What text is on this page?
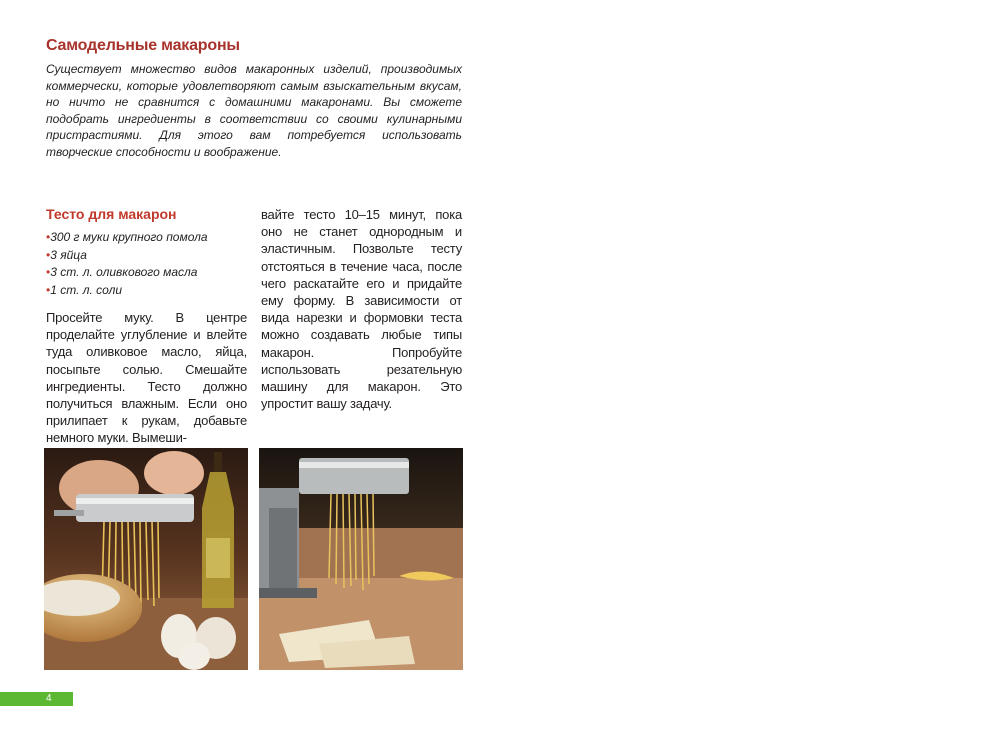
Самодельные макароны

Существует множество видов макаронных изделий, производимых коммерчески, которые удовлетворяют самым взыскательным вкусам, но ничто не сравнится с домашними макаронами. Вы сможете подобрать ингредиенты в соответствии со своими кулинарными пристрастиями. Для этого вам потребуется использовать творческие способности и воображение.

Тесто для макарон
• 300 г муки крупного помола
• 3 яйца
• 3 ст. л. оливкового масла
• 1 ст. л. соли

Просейте муку. В центре проделайте углубление и влейте туда оливковое масло, яйца, посыпьте солью. Смешайте ингредиенты. Тесто должно получиться влажным. Если оно прилипает к рукам, добавьте немного муки. Вымеши-

вайте тесто 10–15 минут, пока оно не станет однородным и эластичным. Позвольте тесту отстояться в течение часа, после чего раскатайте его и придайте ему форму. В зависимости от вида нарезки и формовки теста можно создавать любые типы макарон. Попробуйте использовать резательную машину для макарон. Это упростит вашу задачу.

4
